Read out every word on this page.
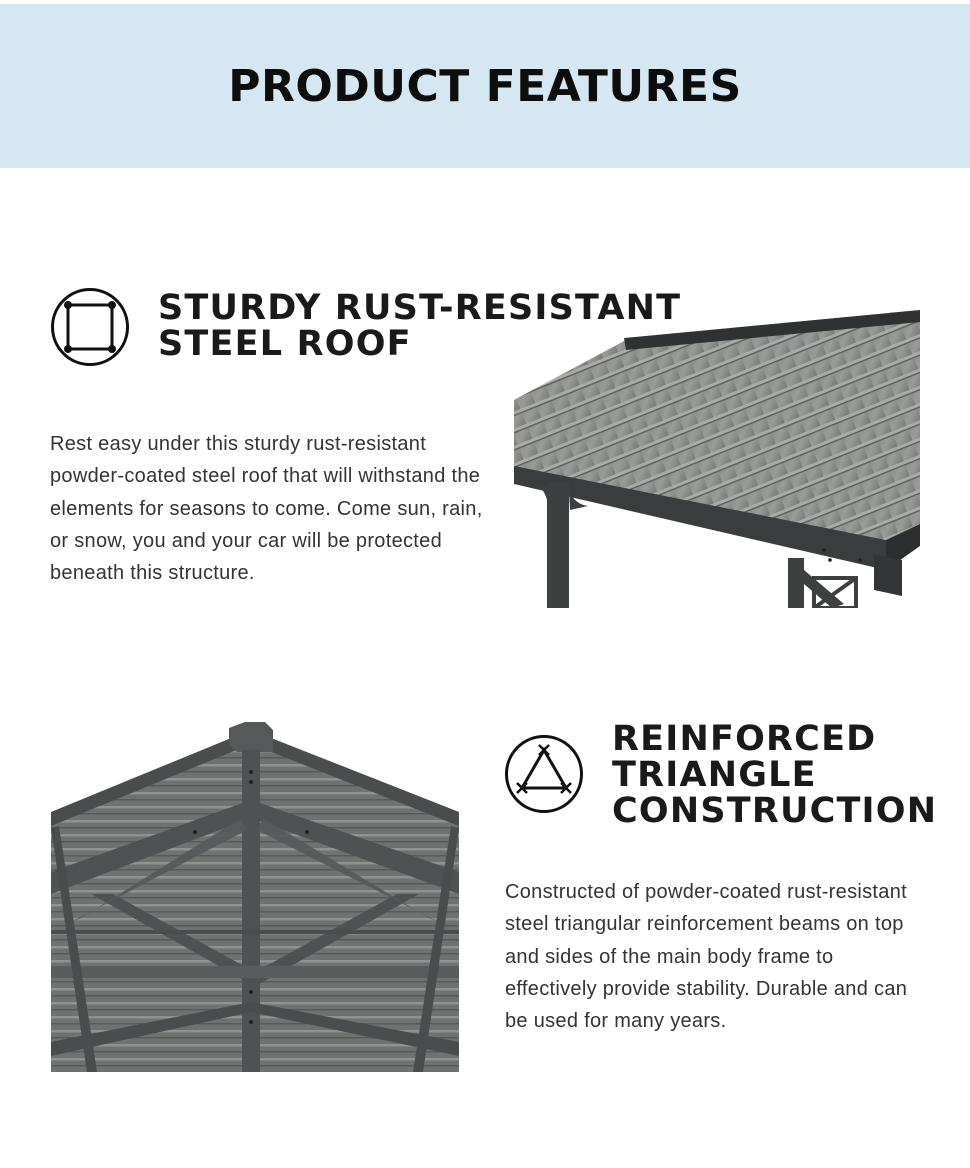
PRODUCT FEATURES
STURDY RUST-RESISTANT
STEEL ROOF

Rest easy under this sturdy rust-resistant powder-coated steel roof that will withstand the elements for seasons to come. Come sun, rain, or snow, you and your car will be protected beneath this structure.

REINFORCED
TRIANGLE
CONSTRUCTION

Constructed of powder-coated rust-resistant steel triangular reinforcement beams on top and sides of the main body frame to effectively provide stability. Durable and can be used for many years.
